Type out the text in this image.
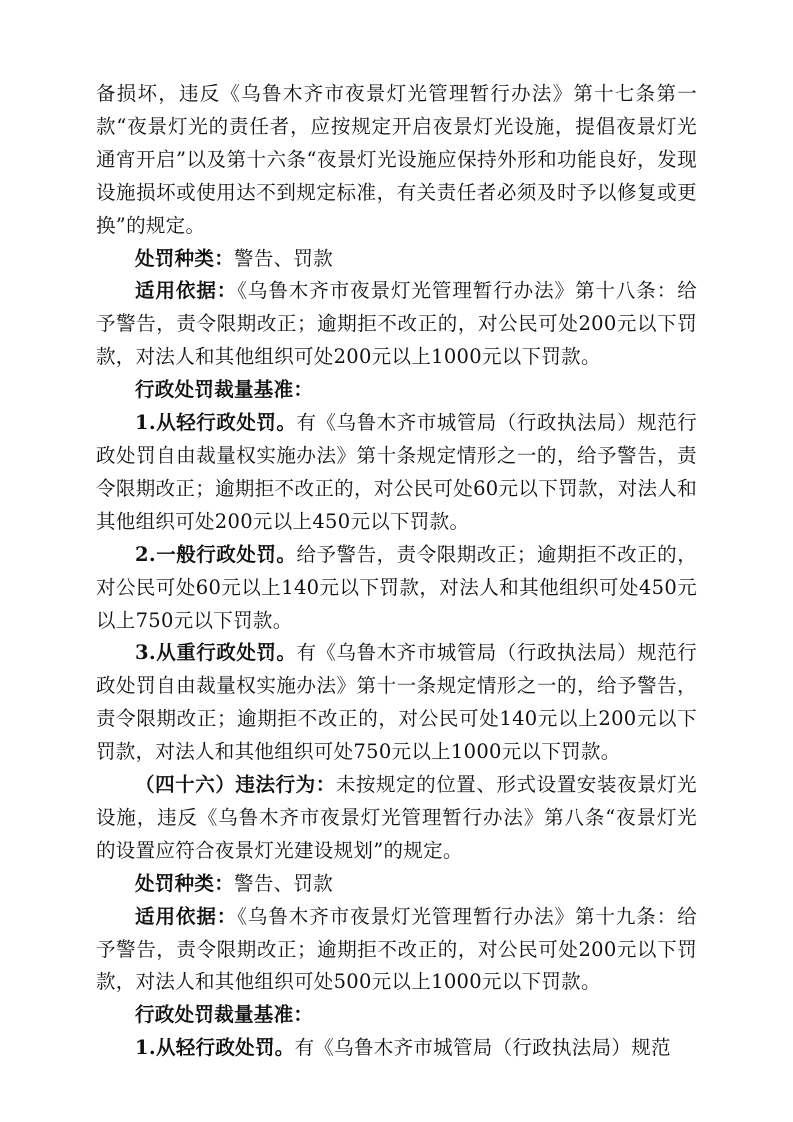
备损坏，违反《乌鲁木齐市夜景灯光管理暂行办法》第十七条第一款“夜景灯光的责任者，应按规定开启夜景灯光设施，提倡夜景灯光通宵开启”以及第十六条“夜景灯光设施应保持外形和功能良好，发现设施损坏或使用达不到规定标准，有关责任者必须及时予以修复或更换”的规定。

处罚种类：警告、罚款

适用依据：《乌鲁木齐市夜景灯光管理暂行办法》第十八条：给予警告，责令限期改正；逾期拒不改正的，对公民可处200元以下罚款，对法人和其他组织可处200元以上1000元以下罚款。

行政处罚裁量基准：

1.从轻行政处罚。有《乌鲁木齐市城管局（行政执法局）规范行政处罚自由裁量权实施办法》第十条规定情形之一的，给予警告，责令限期改正；逾期拒不改正的，对公民可处60元以下罚款，对法人和其他组织可处200元以上450元以下罚款。

2.一般行政处罚。给予警告，责令限期改正；逾期拒不改正的，对公民可处60元以上140元以下罚款，对法人和其他组织可处450元以上750元以下罚款。

3.从重行政处罚。有《乌鲁木齐市城管局（行政执法局）规范行政处罚自由裁量权实施办法》第十一条规定情形之一的，给予警告，责令限期改正；逾期拒不改正的，对公民可处140元以上200元以下罚款，对法人和其他组织可处750元以上1000元以下罚款。

（四十六）违法行为：未按规定的位置、形式设置安装夜景灯光设施，违反《乌鲁木齐市夜景灯光管理暂行办法》第八条“夜景灯光的设置应符合夜景灯光建设规划”的规定。

处罚种类：警告、罚款

适用依据：《乌鲁木齐市夜景灯光管理暂行办法》第十九条：给予警告，责令限期改正；逾期拒不改正的，对公民可处200元以下罚款，对法人和其他组织可处500元以上1000元以下罚款。

行政处罚裁量基准：

1.从轻行政处罚。有《乌鲁木齐市城管局（行政执法局）规范
